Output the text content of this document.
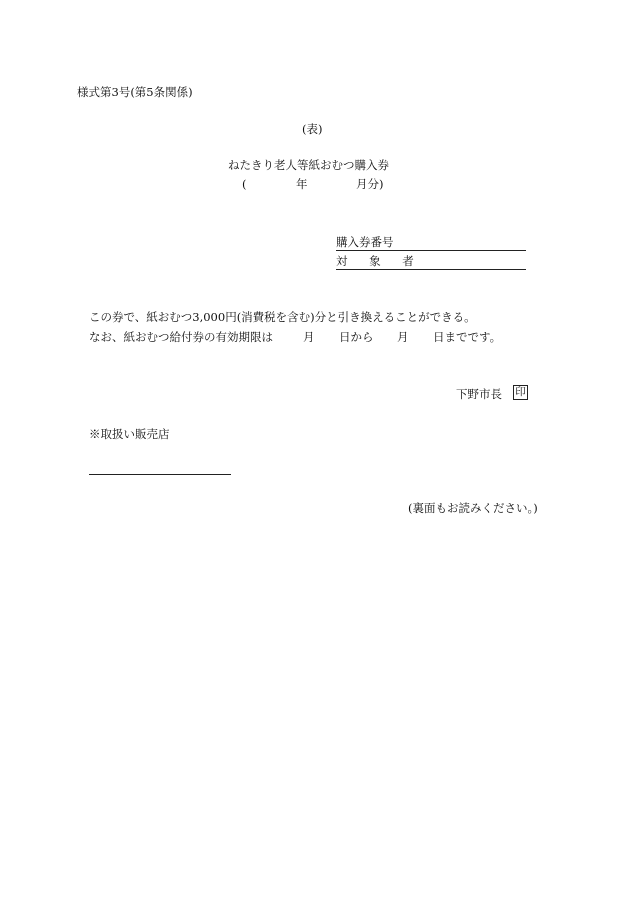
様式第3号(第5条関係)
(表)
ねたきり老人等紙おむつ購入券
(	年	月分)
購入券番号
対 象 者
この券で、紙おむつ3,000円(消費税を含む)分と引き換えることができる。
なお、紙おむつ給付券の有効期限は	月 日から 月 日までです。
下野市長 印
※取扱い販売店
(裏面もお読みください。)
